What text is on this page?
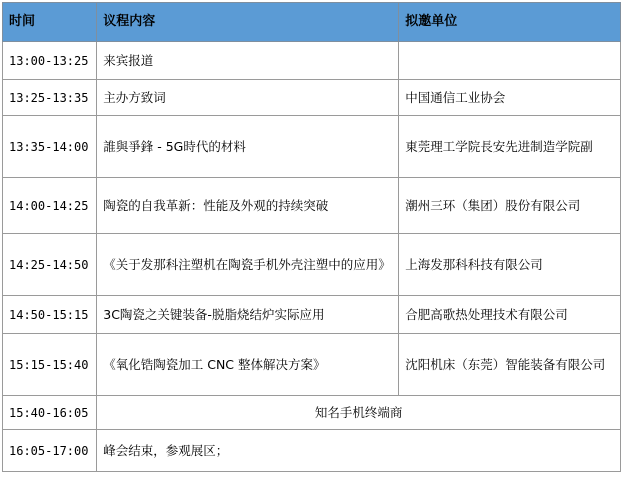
时间	议程内容	拟邀单位
13:00-13:25	来宾报道	
13:25-13:35	主办方致词	中国通信工业协会
13:35-14:00	誰與爭鋒 - 5G時代的材料	東莞理工学院長安先进制造学院副
14:00-14:25	陶瓷的自我革新：性能及外观的持续突破	潮州三环（集团）股份有限公司
14:25-14:50	《关于发那科注塑机在陶瓷手机外壳注塑中的应用》	上海发那科科技有限公司
14:50-15:15	3C陶瓷之关键装备-脱脂烧结炉实际应用	合肥高歌热处理技术有限公司
15:15-15:40	《氧化锆陶瓷加工 CNC 整体解决方案》	沈阳机床（东莞）智能装备有限公司
15:40-16:05	知名手机终端商	
16:05-17:00	峰会结束，参观展区；	
